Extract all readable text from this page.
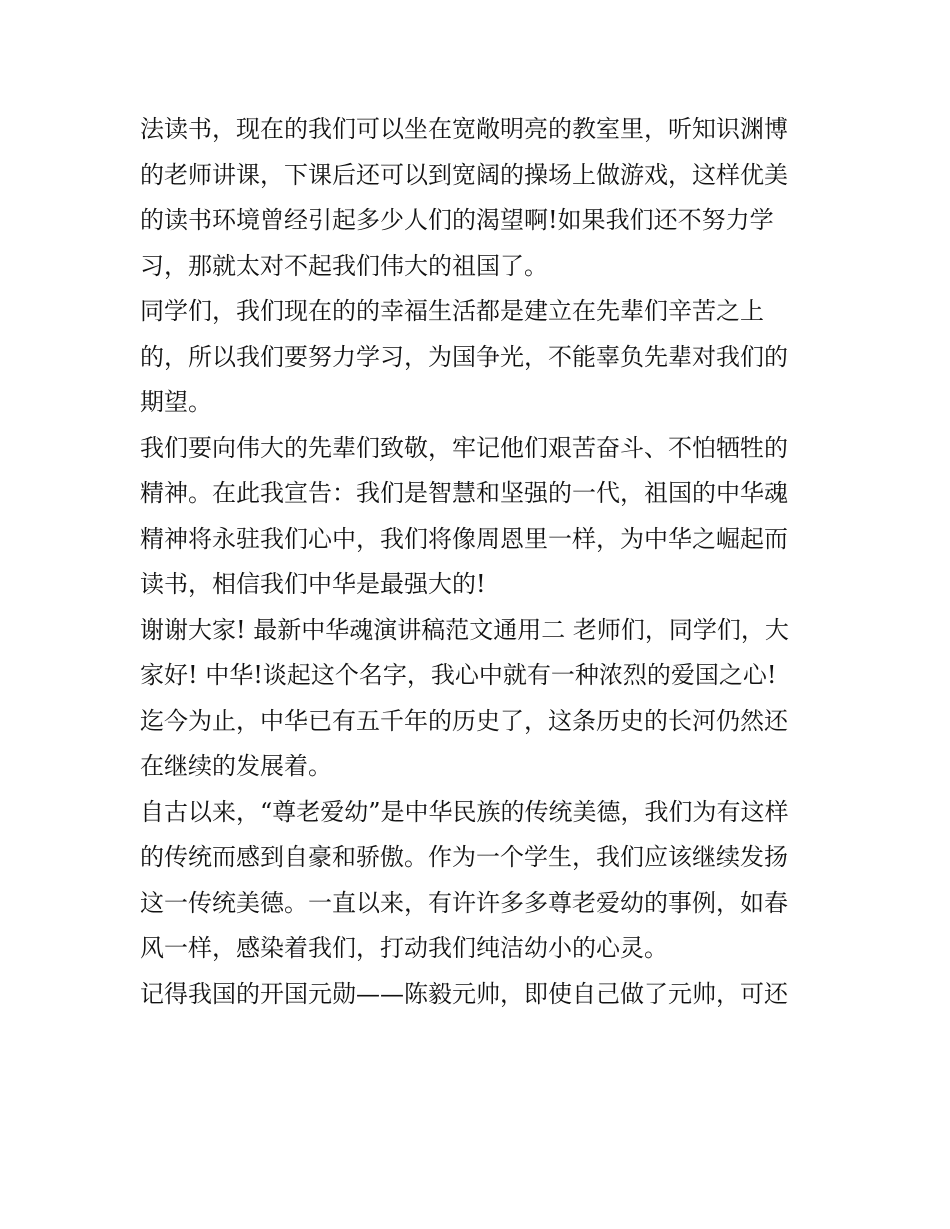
法读书，现在的我们可以坐在宽敞明亮的教室里，听知识渊博
的老师讲课，下课后还可以到宽阔的操场上做游戏，这样优美
的读书环境曾经引起多少人们的渴望啊!如果我们还不努力学
习，那就太对不起我们伟大的祖国了。
同学们，我们现在的的幸福生活都是建立在先辈们辛苦之上
的，所以我们要努力学习，为国争光，不能辜负先辈对我们的
期望。
我们要向伟大的先辈们致敬，牢记他们艰苦奋斗、不怕牺牲的
精神。在此我宣告：我们是智慧和坚强的一代，祖国的中华魂
精神将永驻我们心中，我们将像周恩里一样，为中华之崛起而
读书，相信我们中华是最强大的!
谢谢大家! 最新中华魂演讲稿范文通用二 老师们，同学们，大
家好! 中华!谈起这个名字，我心中就有一种浓烈的爱国之心!
迄今为止，中华已有五千年的历史了，这条历史的长河仍然还
在继续的发展着。
自古以来，“尊老爱幼”是中华民族的传统美德，我们为有这样
的传统而感到自豪和骄傲。作为一个学生，我们应该继续发扬
这一传统美德。一直以来，有许许多多尊老爱幼的事例，如春
风一样，感染着我们，打动我们纯洁幼小的心灵。
记得我国的开国元勋——陈毅元帅，即使自己做了元帅，可还
